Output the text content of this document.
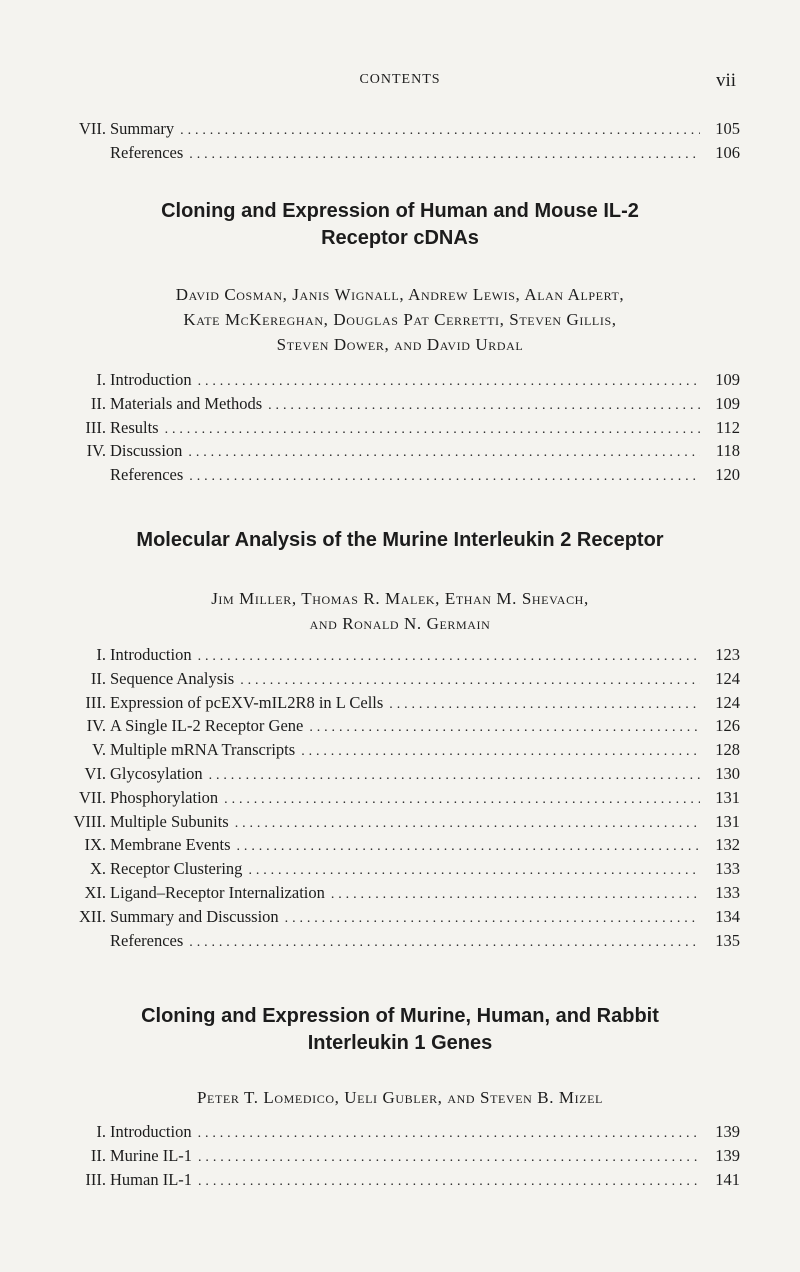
CONTENTS	vii
VII. Summary . . .	105
References . . .	106
Cloning and Expression of Human and Mouse IL-2
Receptor cDNAs
David Cosman, Janis Wignall, Andrew Lewis, Alan Alpert,
Kate McKereghan, Douglas Pat Cerretti, Steven Gillis,
Steven Dower, and David Urdal
I. Introduction . . .	109
II. Materials and Methods . . .	109
III. Results . . .	112
IV. Discussion . . .	118
References . . .	120
Molecular Analysis of the Murine Interleukin 2 Receptor
Jim Miller, Thomas R. Malek, Ethan M. Shevach,
and Ronald N. Germain
I. Introduction . . .	123
II. Sequence Analysis . . .	124
III. Expression of pcEXV-mIL2R8 in L Cells . . .	124
IV. A Single IL-2 Receptor Gene . . .	126
V. Multiple mRNA Transcripts . . .	128
VI. Glycosylation . . .	130
VII. Phosphorylation . . .	131
VIII. Multiple Subunits . . .	131
IX. Membrane Events . . .	132
X. Receptor Clustering . . .	133
XI. Ligand–Receptor Internalization . . .	133
XII. Summary and Discussion . . .	134
References . . .	135
Cloning and Expression of Murine, Human, and Rabbit
Interleukin 1 Genes
Peter T. Lomedico, Ueli Gubler, and Steven B. Mizel
I. Introduction . . .	139
II. Murine IL-1 . . .	139
III. Human IL-1 . . .	141
